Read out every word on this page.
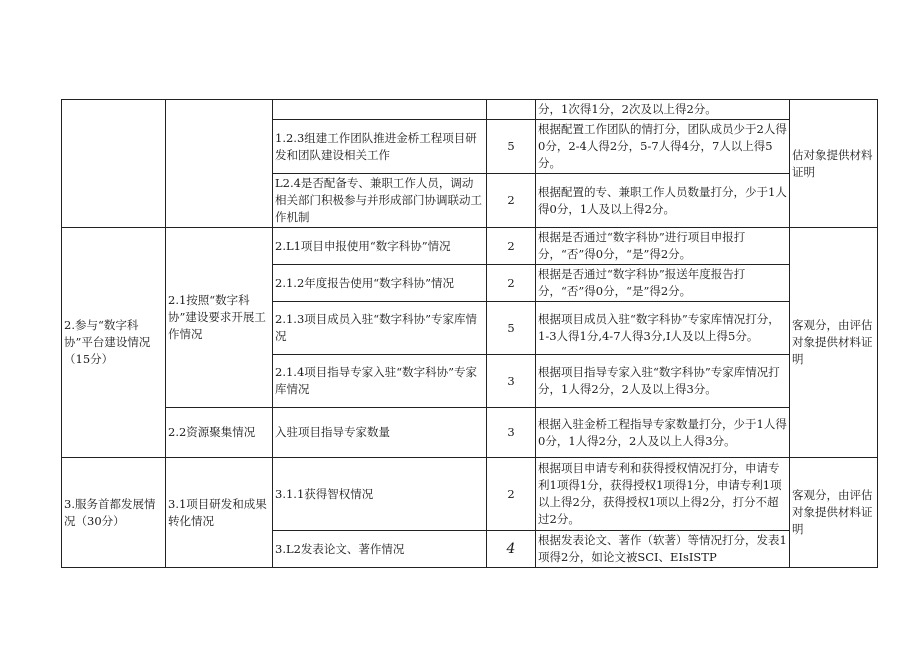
				分，1次得1分，2次及以上得2分。	估对象提供材料证明
		1.2.3组建工作团队推进金桥工程项目研发和团队建设相关工作	5	根据配置工作团队的情打分，团队成员少于2人得0分，2-4人得2分，5-7人得4分，7人以上得5分。	
		L2.4是否配备专、兼职工作人员，调动相关部门积极参与并形成部门协调联动工作机制	2	根据配置的专、兼职工作人员数量打分，少于1人得0分，1人及以上得2分。	
2.参与“数字科协”平台建设情况（15分）	2.1按照“数字科协”建设要求开展工作情况	2.L1项目申报使用“数字科协”情况	2	根据是否通过“数字科协”进行项目申报打分，“否”得0分，“是”得2分。	客观分，由评估对象提供材料证明
		2.1.2年度报告使用“数字科协”情况	2	根据是否通过“数字科协”报送年度报告打分，“否”得0分，“是”得2分。	
		2.1.3项目成员入驻“数字科协”专家库情况	5	根据项目成员入驻“数字科协”专家库情况打分，1-3人得1分,4-7人得3分,I人及以上得5分。	
		2.1.4项目指导专家入驻“数字科协”专家库情况	3	根据项目指导专家入驻“数字科协”专家库情况打分，1人得2分，2人及以上得3分。	
	2.2资源聚集情况	入驻项目指导专家数量	3	根据入驻金桥工程指导专家数量打分，少于1人得0分，1人得2分，2人及以上人得3分。	
3.服务首都发展情况（30分）	3.1项目研发和成果转化情况	3.1.1获得智权情况	2	根据项目申请专利和获得授权情况打分，申请专利1项得1分，获得授权1项得1分，申请专利1项以上得2分，获得授权1项以上得2分，打分不超过2分。	客观分，由评估对象提供材料证明
		3.L2发表论文、著作情况	4	根据发表论文、著作（软著）等情况打分，发表1项得2分，如论文被SCI、EIsISTP	
